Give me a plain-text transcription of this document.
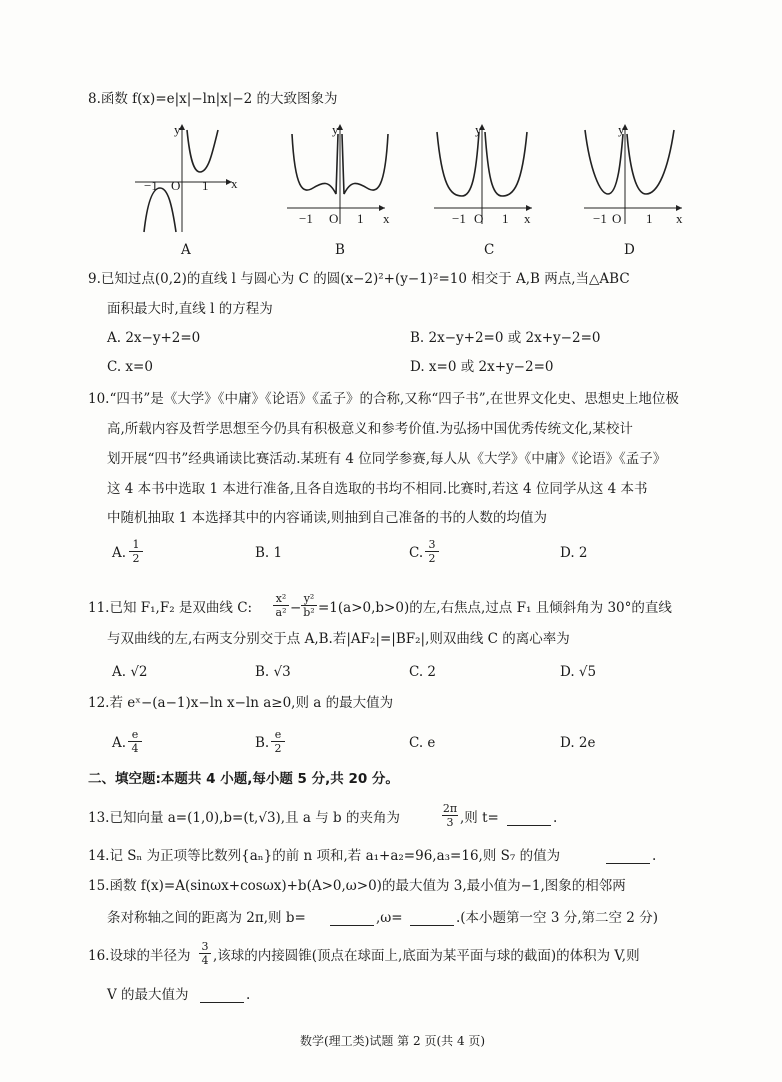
8.函数 f(x)=e|x|−ln|x|−2 的大致图象为
y
x
−1 O 1
A
y
x
−1 O 1
B
y
x
−1 O 1
C
y
x
−1 O 1
D
9.已知过点(0,2)的直线 l 与圆心为 C 的圆(x−2)²+(y−1)²=10 相交于 A,B 两点,当△ABC
面积最大时,直线 l 的方程为
A. 2x−y+2=0	B. 2x−y+2=0 或 2x+y−2=0
C. x=0	D. x=0 或 2x+y−2=0
10.“四书”是《大学》《中庸》《论语》《孟子》的合称,又称“四子书”,在世界文化史、思想史上地位极
高,所载内容及哲学思想至今仍具有积极意义和参考价值.为弘扬中国优秀传统文化,某校计
划开展“四书”经典诵读比赛活动.某班有 4 位同学参赛,每人从《大学》《中庸》《论语》《孟子》
这 4 本书中选取 1 本进行准备,且各自选取的书均不相同.比赛时,若这 4 位同学从这 4 本书
中随机抽取 1 本选择其中的内容诵读,则抽到自己准备的书的人数的均值为
A. $\frac{1}{2}$	B. 1	C. $\frac{3}{2}$	D. 2
11.已知 F₁,F₂ 是双曲线 C: $\frac{\text{x²}}{\text{a²}} - \frac{\text{y²}}{\text{b²}} =1(a>0,b>0)$的左,右焦点,过点 F₁ 且倾斜角为 30°的直线
与双曲线的左,右两支分别交于点 A,B.若|AF₂|=|BF₂|,则双曲线 C 的离心率为
A. √2	B. √3	C. 2	D. √5
12.若 eˣ−(a−1)x−ln x−ln a≥0,则 a 的最大值为
A. $\frac{e}{4}$	B. $\frac{e}{2}$	C. e	D. 2e
二、填空题:本题共 4 小题,每小题 5 分,共 20 分。
13.已知向量 a=(1,0),b=(t,√3),且 a 与 b 的夹角为	$\frac{2\pi}{3}$ ,则 t=	.
14.记 Sₙ 为正项等比数列{aₙ}的前 n 项和,若 a₁+a₂=96,a₃=16,则 S₇ 的值为	.
15.函数 f(x)=A(sinωx+cosωx)+b(A>0,ω>0)的最大值为 3,最小值为−1,图象的相邻两
条对称轴之间的距离为 2π,则 b=	,ω=	.(本小题第一空 3 分,第二空 2 分)
16.设球的半径为 $\frac{3}{4}$ ,该球的内接圆锥(顶点在球面上,底面为某平面与球的截面)的体积为 V,则
V 的最大值为	.
数学(理工类)试题 第 2 页(共 4 页)
